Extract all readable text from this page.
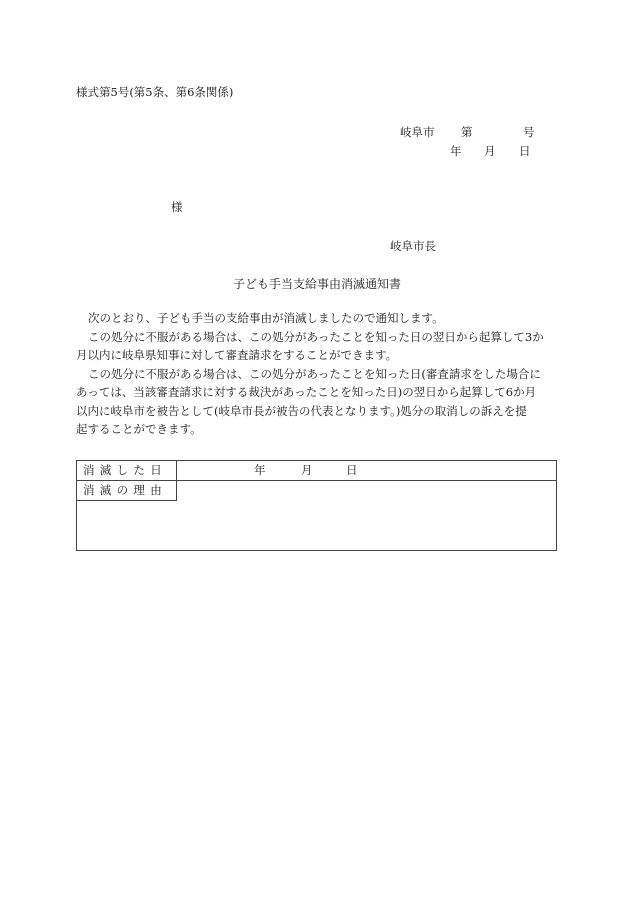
様式第5号(第5条、第6条関係)
岐阜市 第	号
年 月 日
様
岐阜市長
子ども手当支給事由消滅通知書

次のとおり、子ども手当の支給事由が消滅しましたので通知します。

この処分に不服がある場合は、この処分があったことを知った日の翌日から起算して3か

月以内に岐阜県知事に対して審査請求をすることができます。

この処分に不服がある場合は、この処分があったことを知った日(審査請求をした場合に

あっては、当該審査請求に対する裁決があったことを知った日)の翌日から起算して6か月

以内に岐阜市を被告として(岐阜市長が被告の代表となります。)処分の取消しの訴えを提

起することができます。

消滅した日	年	月	日
消滅の理由
